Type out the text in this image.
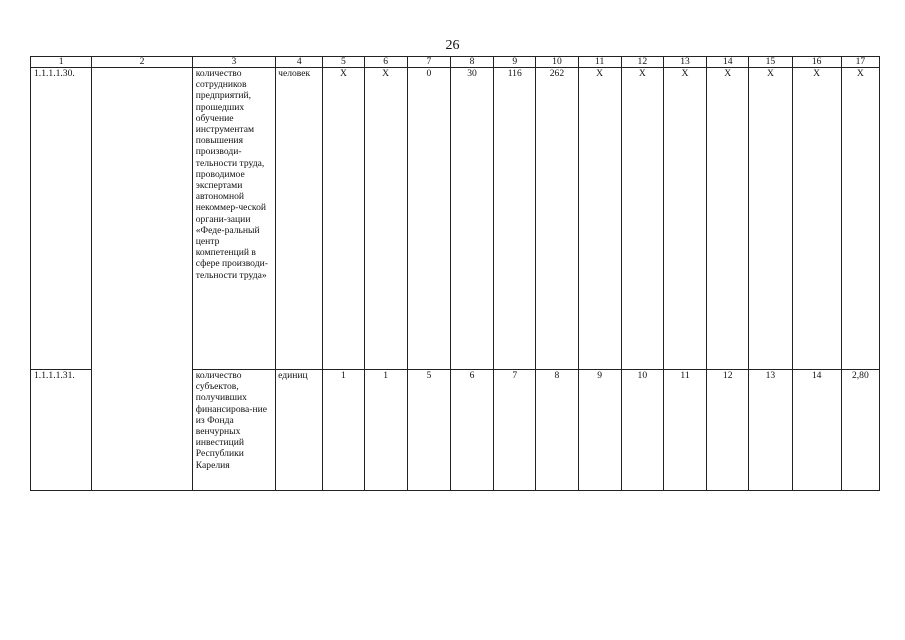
26
1	2	3	4	5	6	7	8	9	10	11	12	13	14	15	16	17
1.1.1.1.30.		количество сотрудников предприятий, прошедших обучение инструментам повышения производи-тельности труда, проводимое экспертами автономной некоммер-ческой органи-зации «Феде-ральный центр компетенций в сфере производи-тельности труда»	человек	X	X	0	30	116	262	X	X	X	X	X	X	X
1.1.1.1.31.		количество субъектов, получивших финансирова-ние из Фонда венчурных инвестиций Республики Карелия	единиц	1	1	5	6	7	8	9	10	11	12	13	14	2,80
